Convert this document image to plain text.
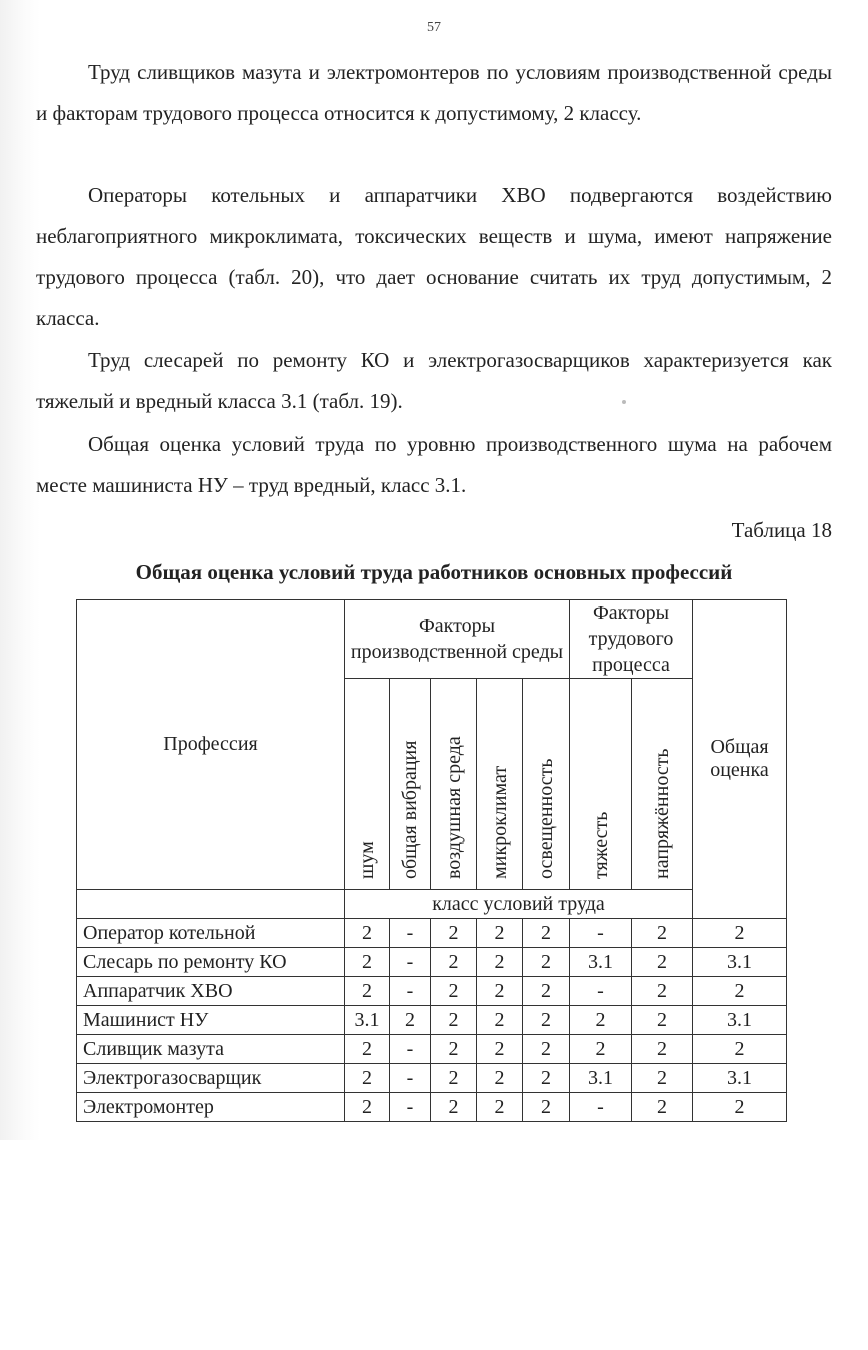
57

Труд сливщиков мазута и электромонтеров по условиям производственной среды и факторам трудового процесса относится к допустимому, 2 классу.

Операторы котельных и аппаратчики ХВО подвергаются воздействию неблагоприятного микроклимата, токсических веществ и шума, имеют напряжение трудового процесса (табл. 20), что дает основание считать их труд допустимым, 2 класса.

Труд слесарей по ремонту КО и электрогазосварщиков характеризуется как тяжелый и вредный класса 3.1 (табл. 19).

Общая оценка условий труда по уровню производственного шума на рабочем месте машиниста НУ – труд вредный, класс 3.1.

Таблица 18
Общая оценка условий труда работников основных профессий
Профессия	Факторы производственной среды					Факторы трудового процесса		Общая оценка

	шум	общая вибрация	воздушная среда	микроклимат	освещенность	тяжесть	напряжённость	

	класс условий труда							
Оператор котельной	2	-	2	2	2	-	2	2
Слесарь по ремонту КО	2	-	2	2	2	3.1	2	3.1
Аппаратчик ХВО	2	-	2	2	2	-	2	2
Машинист НУ	3.1	2	2	2	2	2	2	3.1
Сливщик мазута	2	-	2	2	2	2	2	2
Электрогазосварщик	2	-	2	2	2	3.1	2	3.1
Электромонтер	2	-	2	2	2	-	2	2
